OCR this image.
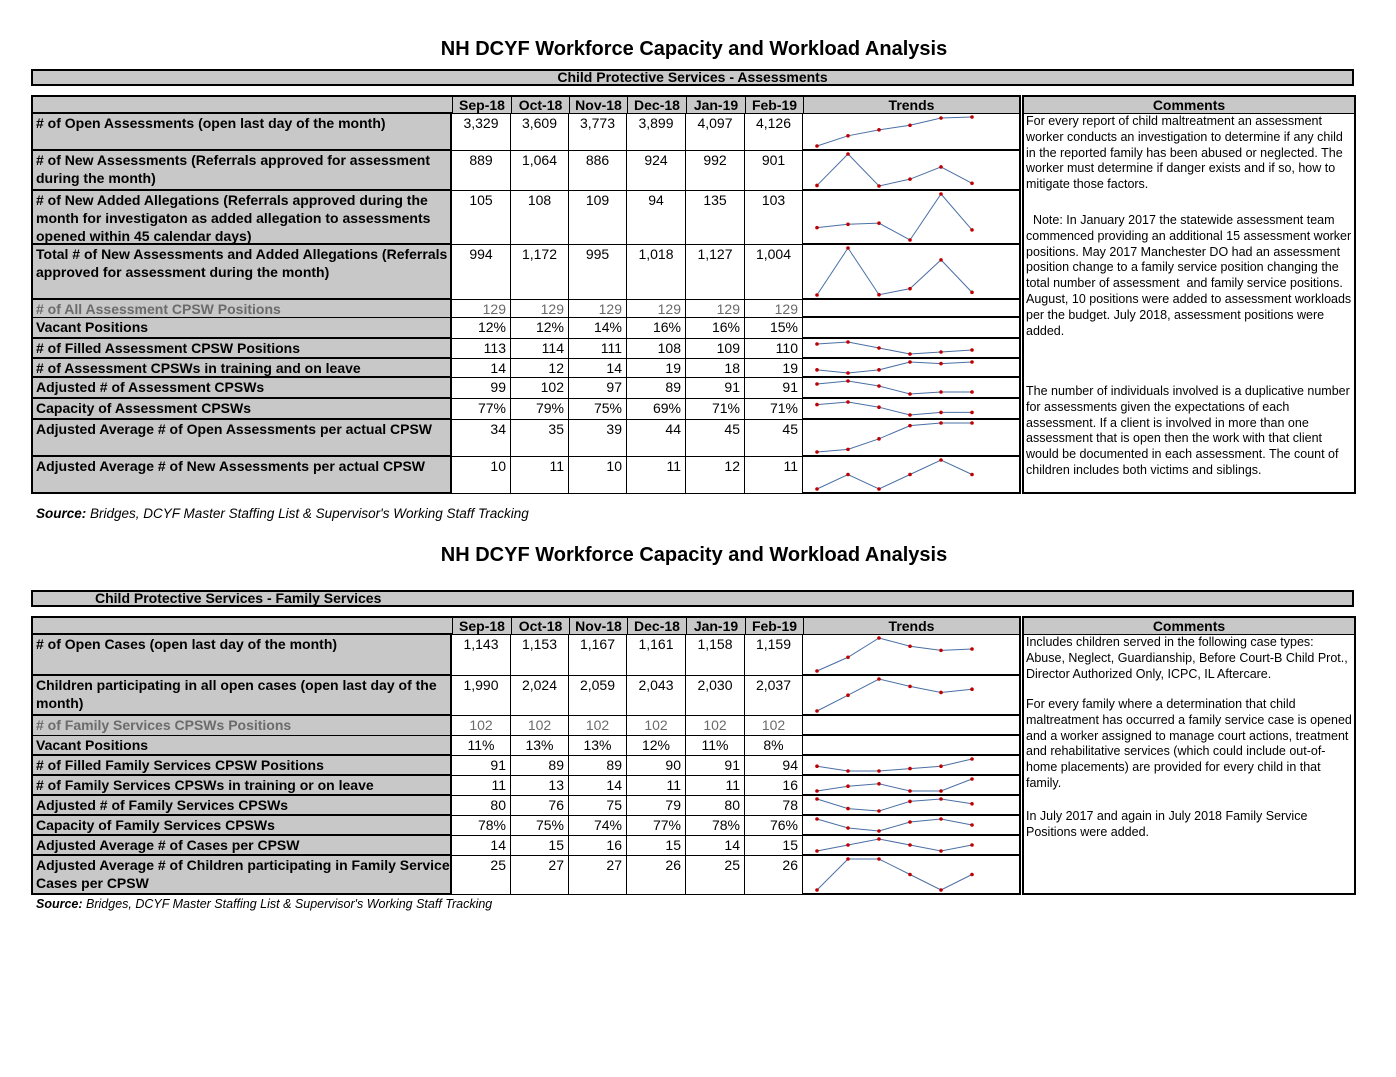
NH DCYF Workforce Capacity and Workload Analysis
Child Protective Services - Assessments
Sep-18 Oct-18 Nov-18 Dec-18 Jan-19 Feb-19	Trends	Comments
# of Open Assessments (open last day of the month)	3,329	3,609	3,773	3,899	4,097	4,126
# of New Assessments (Referrals approved for assessment during the month)
889	1,064	886	924	992	901
# of New Added Allegations (Referrals approved during the month for investigaton as added allegation to assessments opened within 45 calendar days)
105	108	109	94	135	103
Total # of New Assessments and Added Allegations (Referrals approved for assessment during the month)
994	1,172	995	1,018	1,127	1,004
# of All Assessment CPSW Positions	129	129	129	129	129	129
Vacant Positions	12%	12%	14%	16%	16%	15%
# of Filled Assessment CPSW Positions	113	114	111	108	109	110
# of Assessment CPSWs in training and on leave	14	12	14	19	18	19
Adjusted # of Assessment CPSWs	99	102	97	89	91	91
Capacity of Assessment CPSWs	77%	79%	75%	69%	71%	71%
Adjusted Average # of Open Assessments per actual CPSW	34	35	39	44	45	45
Adjusted Average # of New Assessments per actual CPSW	10	11	10	11	12	11

For every report of child maltreatment an assessment worker conducts an investigation to determine if any child in the reported family has been abused or neglected. The worker must determine if danger exists and if so, how to mitigate those factors.

Note: In January 2017 the statewide assessment team commenced providing an additional 15 assessment worker positions. May 2017 Manchester DO had an assessment position change to a family service position changing the total number of assessment  and family service positions. August, 10 positions were added to assessment workloads per the budget. July 2018, assessment positions were added.

The number of individuals involved is a duplicative number for assessments given the expectations of each assessment. If a client is involved in more than one assessment that is open then the work with that client would be documented in each assessment. The count of children includes both victims and siblings.

Source: Bridges, DCYF Master Staffing List & Supervisor's Working Staff Tracking
NH DCYF Workforce Capacity and Workload Analysis
Child Protective Services - Family Services
Sep-18 Oct-18 Nov-18 Dec-18 Jan-19 Feb-19	Trends	Comments
# of Open Cases (open last day of the month)	1,143	1,153	1,167	1,161	1,158	1,159
Children participating in all open cases (open last day of the month)
1,990	2,024	2,059	2,043	2,030	2,037
# of Family Services CPSWs Positions	102	102	102	102	102	102
Vacant Positions	11%	13%	13%	12%	11%	8%
# of Filled Family Services CPSW Positions	91	89	89	90	91	94
# of Family Services CPSWs in training or on leave	11	13	14	11	11	16
Adjusted # of Family Services CPSWs	80	76	75	79	80	78
Capacity of Family Services CPSWs	78%	75%	74%	77%	78%	76%
Adjusted Average # of Cases per CPSW	14	15	16	15	14	15
Adjusted Average # of Children participating in Family Service Cases per CPSW
25	27	27	26	25	26

Includes children served in the following case types: Abuse, Neglect, Guardianship, Before Court-B Child Prot., Director Authorized Only, ICPC, IL Aftercare.

For every family where a determination that child maltreatment has occurred a family service case is opened and a worker assigned to manage court actions, treatment and rehabilitative services (which could include out-of-home placements) are provided for every child in that family.

In July 2017 and again in July 2018 Family Service Positions were added.

Source: Bridges, DCYF Master Staffing List & Supervisor's Working Staff Tracking
